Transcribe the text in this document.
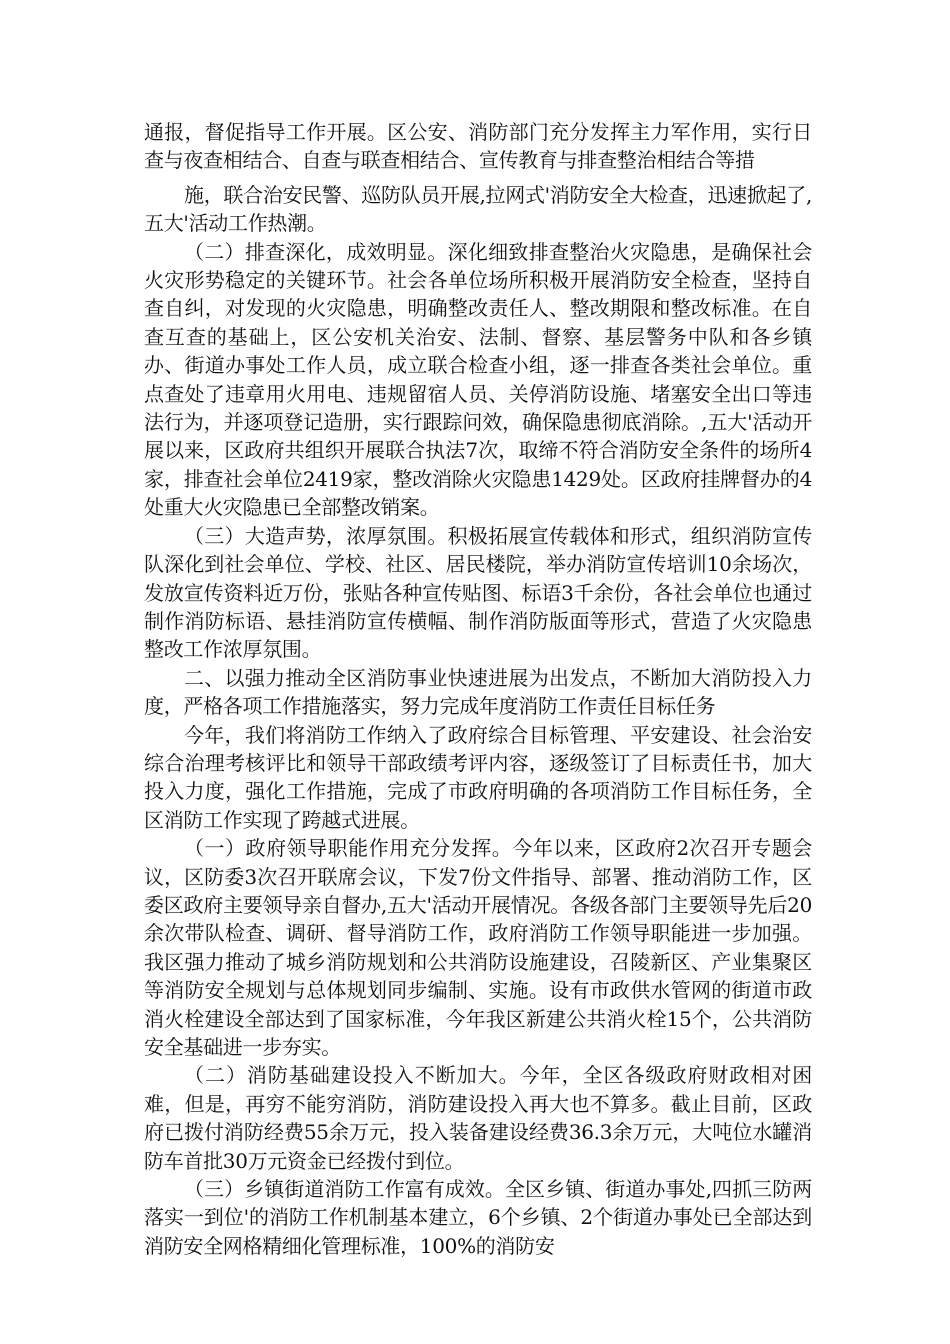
通报，督促指导工作开展。区公安、消防部门充分发挥主力军作用，实行日查与夜查相结合、自查与联查相结合、宣传教育与排查整治相结合等措

施，联合治安民警、巡防队员开展,拉网式'消防安全大检查，迅速掀起了,五大'活动工作热潮。

（二）排查深化，成效明显。深化细致排查整治火灾隐患，是确保社会火灾形势稳定的关键环节。社会各单位场所积极开展消防安全检查，坚持自查自纠，对发现的火灾隐患，明确整改责任人、整改期限和整改标准。在自查互查的基础上，区公安机关治安、法制、督察、基层警务中队和各乡镇办、街道办事处工作人员，成立联合检查小组，逐一排查各类社会单位。重点查处了违章用火用电、违规留宿人员、关停消防设施、堵塞安全出口等违法行为，并逐项登记造册，实行跟踪问效，确保隐患彻底消除。,五大'活动开展以来，区政府共组织开展联合执法7次，取缔不符合消防安全条件的场所4家，排查社会单位2419家，整改消除火灾隐患1429处。区政府挂牌督办的4处重大火灾隐患已全部整改销案。

（三）大造声势，浓厚氛围。积极拓展宣传载体和形式，组织消防宣传队深化到社会单位、学校、社区、居民楼院，举办消防宣传培训10余场次，发放宣传资料近万份，张贴各种宣传贴图、标语3千余份，各社会单位也通过制作消防标语、悬挂消防宣传横幅、制作消防版面等形式，营造了火灾隐患整改工作浓厚氛围。

二、以强力推动全区消防事业快速进展为出发点，不断加大消防投入力度，严格各项工作措施落实，努力完成年度消防工作责任目标任务

今年，我们将消防工作纳入了政府综合目标管理、平安建设、社会治安综合治理考核评比和领导干部政绩考评内容，逐级签订了目标责任书，加大投入力度，强化工作措施，完成了市政府明确的各项消防工作目标任务，全区消防工作实现了跨越式进展。

（一）政府领导职能作用充分发挥。今年以来，区政府2次召开专题会议，区防委3次召开联席会议，下发7份文件指导、部署、推动消防工作，区委区政府主要领导亲自督办,五大'活动开展情况。各级各部门主要领导先后20余次带队检查、调研、督导消防工作，政府消防工作领导职能进一步加强。我区强力推动了城乡消防规划和公共消防设施建设，召陵新区、产业集聚区等消防安全规划与总体规划同步编制、实施。设有市政供水管网的街道市政消火栓建设全部达到了国家标准，今年我区新建公共消火栓15个，公共消防安全基础进一步夯实。

（二）消防基础建设投入不断加大。今年，全区各级政府财政相对困难，但是，再穷不能穷消防，消防建设投入再大也不算多。截止目前，区政府已拨付消防经费55余万元，投入装备建设经费36.3余万元，大吨位水罐消防车首批30万元资金已经拨付到位。

（三）乡镇街道消防工作富有成效。全区乡镇、街道办事处,四抓三防两落实一到位'的消防工作机制基本建立，6个乡镇、2个街道办事处已全部达到消防安全网格精细化管理标准，100%的消防安
